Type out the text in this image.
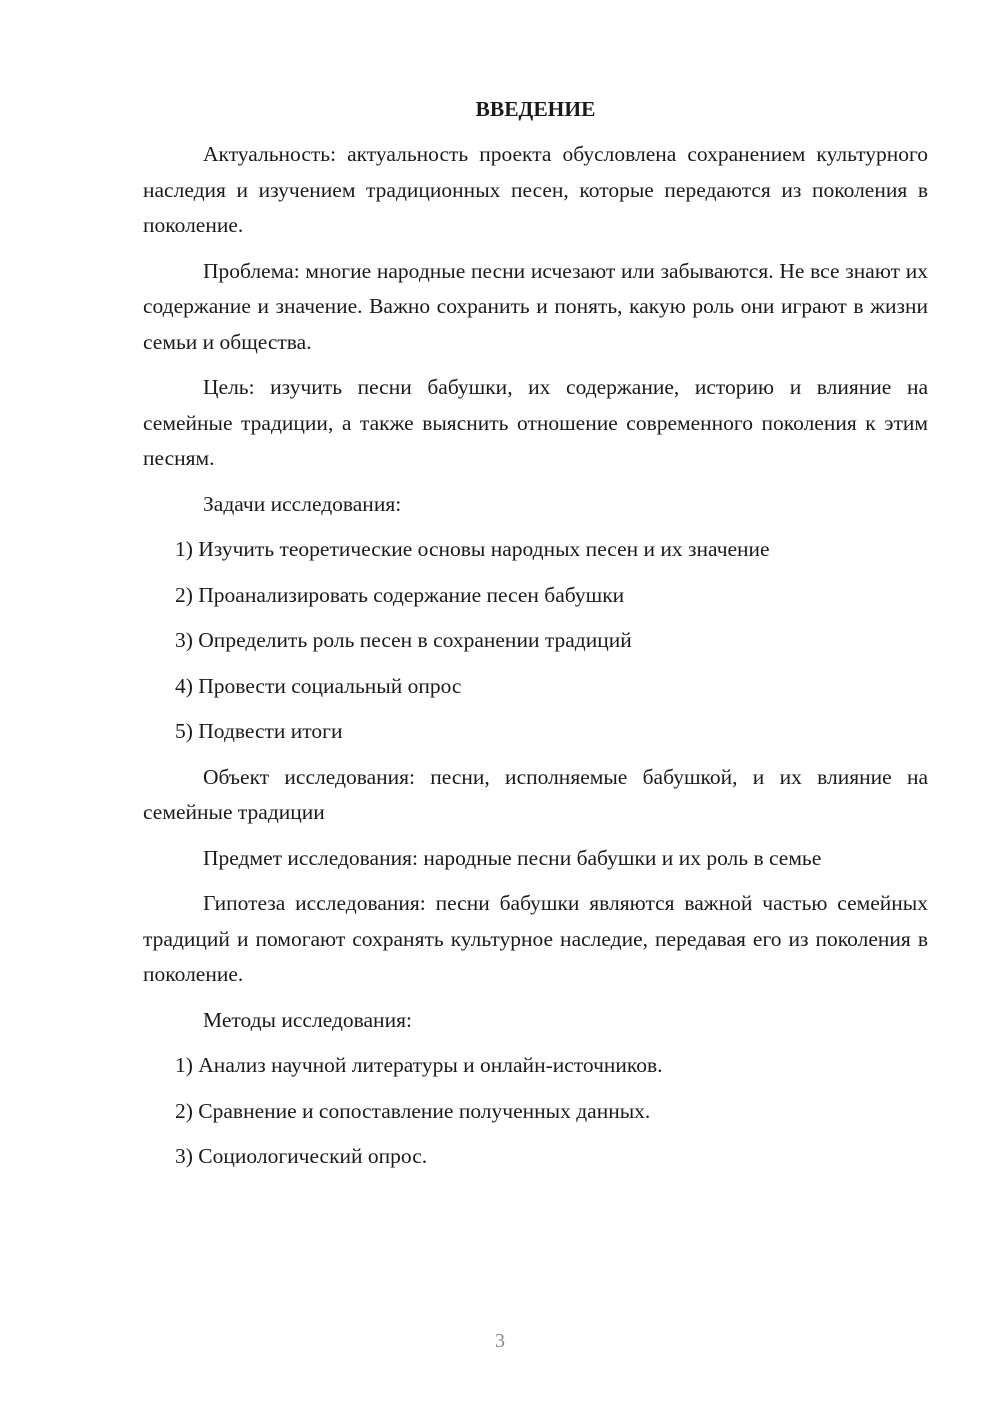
ВВЕДЕНИЕ

Актуальность: актуальность проекта обусловлена сохранением культурного наследия и изучением традиционных песен, которые передаются из поколения в поколение.

Проблема: многие народные песни исчезают или забываются. Не все знают их содержание и значение. Важно сохранить и понять, какую роль они играют в жизни семьи и общества.

Цель: изучить песни бабушки, их содержание, историю и влияние на семейные традиции, а также выяснить отношение современного поколения к этим песням.

Задачи исследования:

1) Изучить теоретические основы народных песен и их значение
2) Проанализировать содержание песен бабушки
3) Определить роль песен в сохранении традиций
4) Провести социальный опрос
5) Подвести итоги

Объект исследования: песни, исполняемые бабушкой, и их влияние на семейные традиции

Предмет исследования: народные песни бабушки и их роль в семье

Гипотеза исследования: песни бабушки являются важной частью семейных традиций и помогают сохранять культурное наследие, передавая его из поколения в поколение.

Методы исследования:

1) Анализ научной литературы и онлайн-источников.
2) Сравнение и сопоставление полученных данных.
3) Социологический опрос.
3
